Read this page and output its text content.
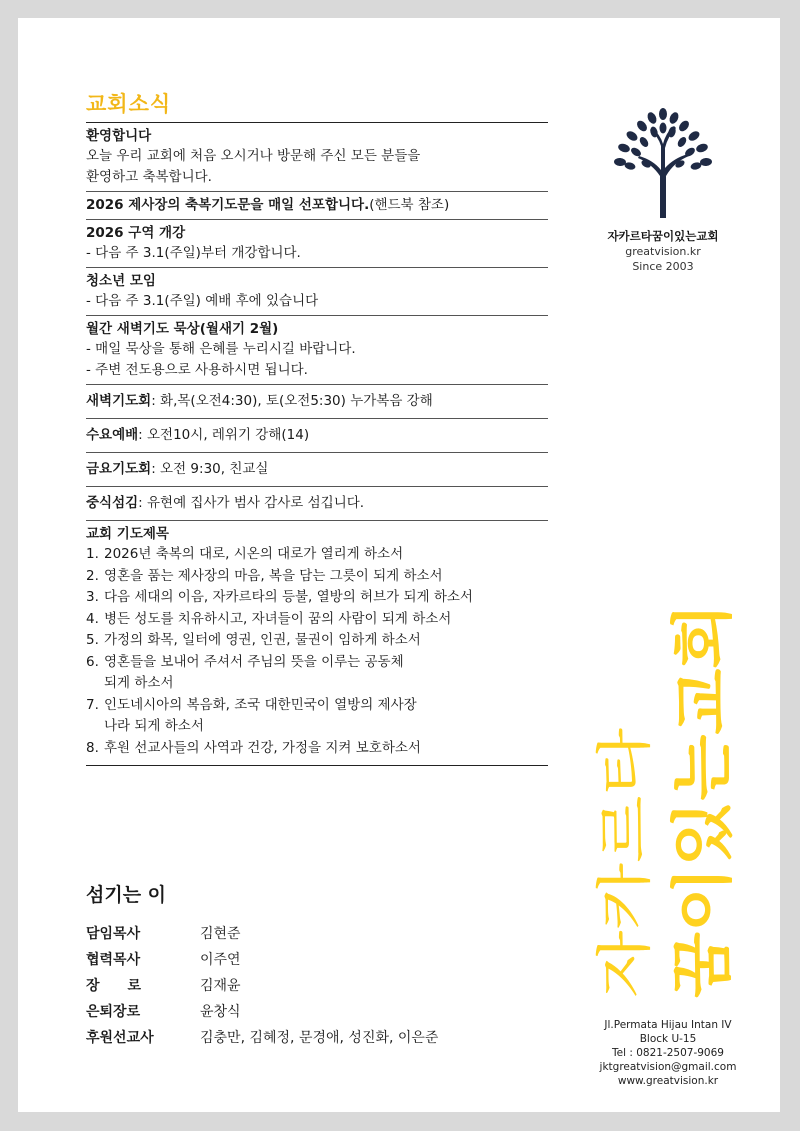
교회소식
환영합니다
오늘 우리 교회에 처음 오시거나 방문해 주신 모든 분들을
환영하고 축복합니다.
2026 제사장의 축복기도문을 매일 선포합니다.(핸드북 참조)
2026 구역 개강
- 다음 주 3.1(주일)부터 개강합니다.
청소년 모임
- 다음 주 3.1(주일) 예배 후에 있습니다
월간 새벽기도 묵상(월새기 2월)
- 매일 묵상을 통해 은혜를 누리시길 바랍니다.
- 주변 전도용으로 사용하시면 됩니다.
새벽기도회: 화,목(오전4:30), 토(오전5:30) 누가복음 강해
수요예배: 오전10시, 레위기 강해(14)
금요기도회: 오전 9:30, 친교실
중식섬김: 유현예 집사가 범사 감사로 섬깁니다.
교회 기도제목
1. 2026년 축복의 대로, 시온의 대로가 열리게 하소서
2. 영혼을 품는 제사장의 마음, 복을 담는 그릇이 되게 하소서
3. 다음 세대의 이음, 자카르타의 등불, 열방의 허브가 되게 하소서
4. 병든 성도를 치유하시고, 자녀들이 꿈의 사람이 되게 하소서
5. 가정의 화목, 일터에 영권, 인권, 물권이 임하게 하소서
6. 영혼들을 보내어 주셔서 주님의 뜻을 이루는 공동체
되게 하소서
7. 인도네시아의 복음화, 조국 대한민국이 열방의 제사장
나라 되게 하소서
8. 후원 선교사들의 사역과 건강, 가정을 지켜 보호하소서
섬기는 이
담임목사	김현준
협력목사	이주연
장　　로	김재윤
은퇴장로	윤창식
후원선교사	김충만, 김혜정, 문경애, 성진화, 이은준
자카르타꿈이있는교회
greatvision.kr
Since 2003
자카르타 꿈이있는교회
Jl.Permata Hijau Intan IV
Block U-15
Tel : 0821-2507-9069
jktgreatvision@gmail.com
www.greatvision.kr
